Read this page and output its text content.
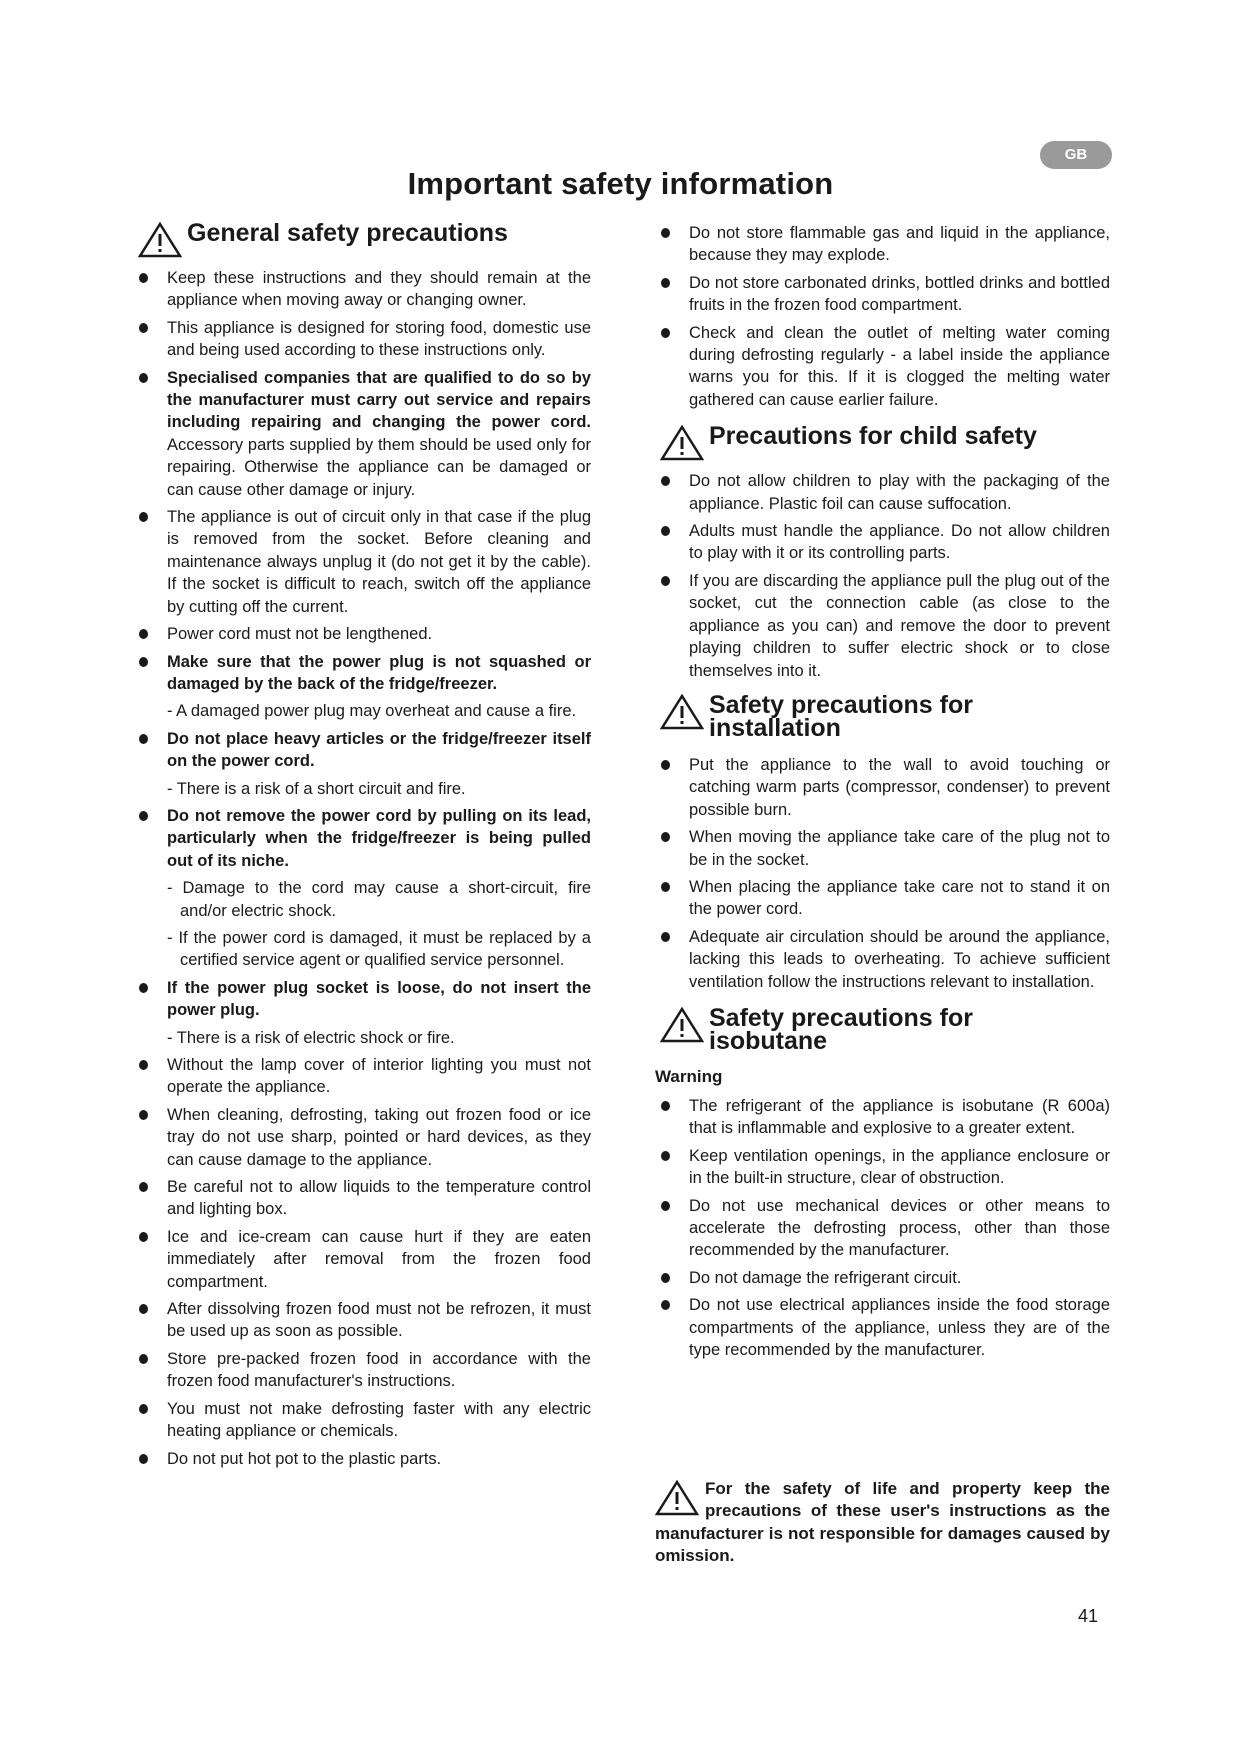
GB
Important safety information
General safety precautions
Keep these instructions and they should remain at the appliance when moving away or changing owner.
This appliance is designed for storing food, domestic use and being used according to these instructions only.
Specialised companies that are qualified to do so by the manufacturer must carry out service and repairs including repairing and changing the power cord. Accessory parts supplied by them should be used only for repairing. Otherwise the appliance can be damaged or can cause other damage or injury.
The appliance is out of circuit only in that case if the plug is removed from the socket. Before cleaning and maintenance always unplug it (do not get it by the cable). If the socket is difficult to reach, switch off the appliance by cutting off the current.
Power cord must not be lengthened.
Make sure that the power plug is not squashed or damaged by the back of the fridge/freezer.
- A damaged power plug may overheat and cause a fire.
Do not place heavy articles or the fridge/freezer itself on the power cord.
- There is a risk of a short circuit and fire.
Do not remove the power cord by pulling on its lead, particularly when the fridge/freezer is being pulled out of its niche.
- Damage to the cord may cause a short-circuit, fire and/or electric shock.
- If the power cord is damaged, it must be replaced by a certified service agent or qualified service personnel.
If the power plug socket is loose, do not insert the power plug.
- There is a risk of electric shock or fire.
Without the lamp cover of interior lighting you must not operate the appliance.
When cleaning, defrosting, taking out frozen food or ice tray do not use sharp, pointed or hard devices, as they can cause damage to the appliance.
Be careful not to allow liquids to the temperature control and lighting box.
Ice and ice-cream can cause hurt if they are eaten immediately after removal from the frozen food compartment.
After dissolving frozen food must not be refrozen, it must be used up as soon as possible.
Store pre-packed frozen food in accordance with the frozen food manufacturer's instructions.
You must not make defrosting faster with any electric heating appliance or chemicals.
Do not put hot pot to the plastic parts.
Do not store flammable gas and liquid in the appliance, because they may explode.
Do not store carbonated drinks, bottled drinks and bottled fruits in the frozen food compartment.
Check and clean the outlet of melting water coming during defrosting regularly - a label inside the appliance warns you for this. If it is clogged the melting water gathered can cause earlier failure.
Precautions for child safety
Do not allow children to play with the packaging of the appliance. Plastic foil can cause suffocation.
Adults must handle the appliance. Do not allow children to play with it or its controlling parts.
If you are discarding the appliance pull the plug out of the socket, cut the connection cable (as close to the appliance as you can) and remove the door to prevent playing children to suffer electric shock or to close themselves into it.
Safety precautions for
installation
Put the appliance to the wall to avoid touching or catching warm parts (compressor, condenser) to prevent possible burn.
When moving the appliance take care of the plug not to be in the socket.
When placing the appliance take care not to stand it on the power cord.
Adequate air circulation should be around the appliance, lacking this leads to overheating. To achieve sufficient ventilation follow the instructions relevant to installation.
Safety precautions for
isobutane
Warning
The refrigerant of the appliance is isobutane (R 600a) that is inflammable and explosive to a greater extent.
Keep ventilation openings, in the appliance enclosure or in the built-in structure, clear of obstruction.
Do not use mechanical devices or other means to accelerate the defrosting process, other than those recommended by the manufacturer.
Do not damage the refrigerant circuit.
Do not use electrical appliances inside the food storage compartments of the appliance, unless they are of the type recommended by the manufacturer.
For the safety of life and property keep the precautions of these user's instructions as the manufacturer is not responsible for damages caused by omission.
41
